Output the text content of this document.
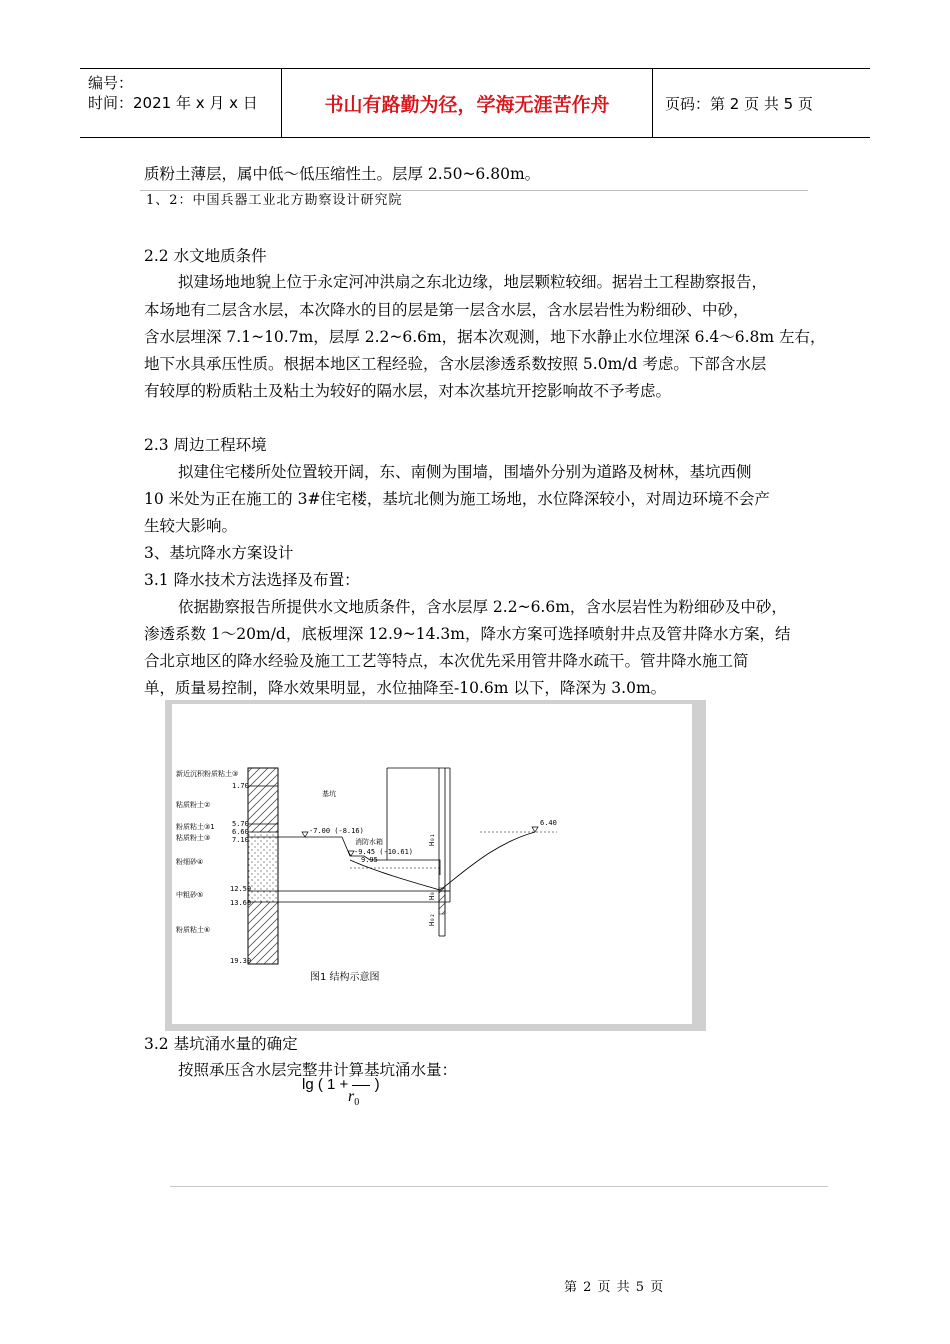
编号：
时间：2021 年 x 月 x 日	书山有路勤为径，学海无涯苦作舟	页码：第 2 页 共 5 页
质粉土薄层，属中低～低压缩性土。层厚 2.50~6.80m。
1、2：中国兵器工业北方勘察设计研究院
2.2 水文地质条件
拟建场地地貌上位于永定河冲洪扇之东北边缘，地层颗粒较细。据岩土工程勘察报告，
本场地有二层含水层，本次降水的目的层是第一层含水层，含水层岩性为粉细砂、中砂，
含水层埋深 7.1~10.7m，层厚 2.2~6.6m，据本次观测，地下水静止水位埋深 6.4～6.8m 左右，
地下水具承压性质。根据本地区工程经验，含水层渗透系数按照 5.0m/d 考虑。下部含水层
有较厚的粉质粘土及粘土为较好的隔水层，对本次基坑开挖影响故不予考虑。
2.3 周边工程环境
拟建住宅楼所处位置较开阔，东、南侧为围墙，围墙外分别为道路及树林，基坑西侧
10 米处为正在施工的 3#住宅楼，基坑北侧为施工场地，水位降深较小，对周边环境不会产
生较大影响。
3、基坑降水方案设计
3.1 降水技术方法选择及布置：
依据勘察报告所提供水文地质条件，含水层厚 2.2~6.6m，含水层岩性为粉细砂及中砂，
渗透系数 1～20m/d，底板埋深 12.9~14.3m，降水方案可选择喷射井点及管井降水方案，结
合北京地区的降水经验及施工工艺等特点，本次优先采用管井降水疏干。管井降水施工简
单，质量易控制，降水效果明显，水位抽降至-10.6m 以下，降深为 3.0m。
新近沉积粉质粘土③
粘质粉土②
粉质粘土③1
粘质粉土③
粉细砂④
中粗砂⑤
粉质粘土⑥
1.70
5.70
6.60
7.10
12.50
13.60
19.30
基坑
-7.00 (-8.16)
消防水箱
-9.45 (-10.61)
9.95
6.40
H₀₁
H₀
H₀₂
图1 结构示意图
3.2 基坑涌水量的确定
按照承压含水层完整井计算基坑涌水量：
lg ( 1 + )
$r_0$
第 2 页 共 5 页
